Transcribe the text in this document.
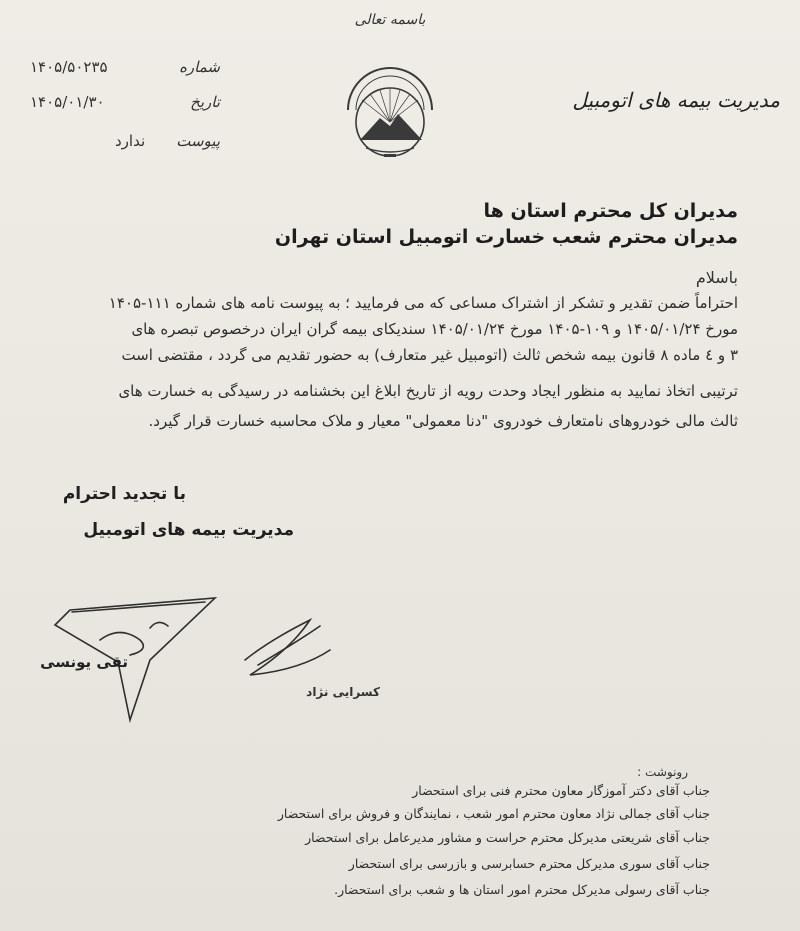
باسمه تعالی
مدیریت بیمه های اتومبیل
شماره
۱۴۰۵/۵۰۲۳۵
تاریخ
۱۴۰۵/۰۱/۳۰
پیوست
ندارد
مدیران کل محترم استان ها
مدیران محترم شعب خسارت اتومبیل استان تهران
باسلام
احتراماً ضمن تقدیر و تشکر از اشتراک مساعی که می فرمایید ؛ به پیوست نامه های شماره ۱۱۱-۱۴۰۵
مورخ ۱۴۰۵/۰۱/۲۴ و ۱۰۹-۱۴۰۵ مورخ ۱۴۰۵/۰۱/۲۴ سندیکای بیمه گران ایران درخصوص تبصره های
۳ و ٤ ماده ۸ قانون بیمه شخص ثالث (اتومبیل غیر متعارف) به حضور تقدیم می گردد ، مقتضی است
ترتیبی اتخاذ نمایید به منظور ایجاد وحدت رویه از تاریخ ابلاغ این بخشنامه در رسیدگی به خسارت های
ثالث مالی خودروهای نامتعارف خودروی "دنا معمولی" معیار و ملاک محاسبه خسارت قرار گیرد.
با تجدید احترام
مدیریت بیمه های اتومبیل
تقی یونسی
کسرایی نژاد
رونوشت :
جناب آقای دکتر آموزگار معاون محترم فنی برای استحضار
جناب آقای جمالی نژاد معاون محترم امور شعب ، نمایندگان و فروش برای استحضار
جناب آقای شریعتی مدیرکل محترم حراست و مشاور مدیرعامل برای استحضار
جناب آقای سوری مدیرکل محترم حسابرسی و بازرسی برای استحضار
جناب آقای رسولی مدیرکل محترم امور استان ها و شعب برای استحضار.
